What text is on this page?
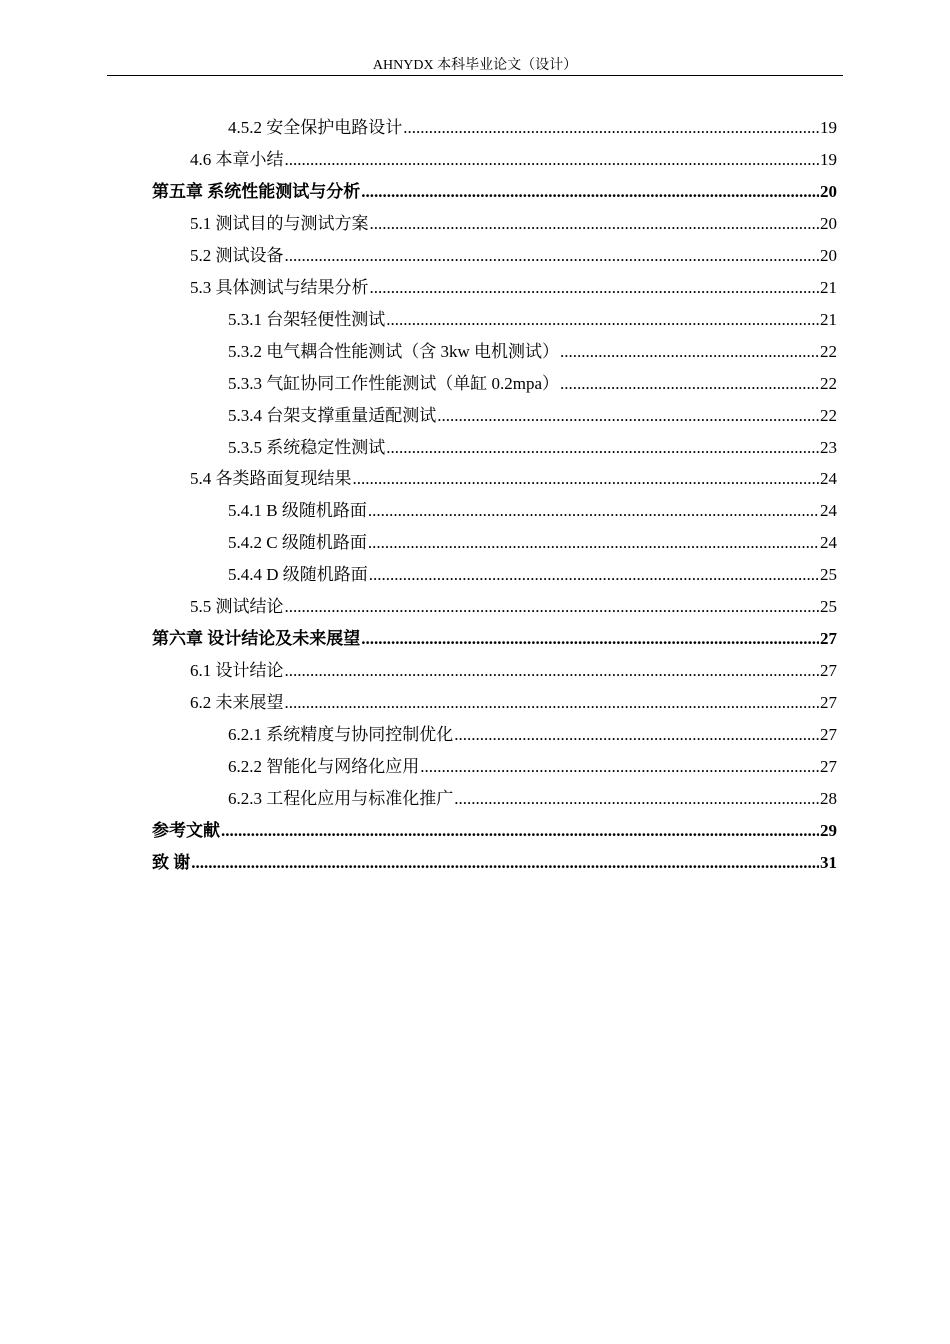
AHNYDX 本科毕业论文（设计）
4.5.2 安全保护电路设计 .....	19
4.6 本章小结 .....	19
第五章 系统性能测试与分析 .....	20
5.1 测试目的与测试方案 .....	20
5.2 测试设备 .....	20
5.3 具体测试与结果分析 .....	21
5.3.1 台架轻便性测试 .....	21
5.3.2 电气耦合性能测试（含 3kw 电机测试） .....	22
5.3.3 气缸协同工作性能测试（单缸 0.2mpa） .....	22
5.3.4 台架支撑重量适配测试 .....	22
5.3.5 系统稳定性测试 .....	23
5.4 各类路面复现结果 .....	24
5.4.1 B 级随机路面 .....	24
5.4.2 C 级随机路面 .....	24
5.4.4 D 级随机路面 .....	25
5.5 测试结论 .....	25
第六章 设计结论及未来展望 .....	27
6.1 设计结论 .....	27
6.2 未来展望 .....	27
6.2.1 系统精度与协同控制优化 .....	27
6.2.2 智能化与网络化应用 .....	27
6.2.3 工程化应用与标准化推广 .....	28
参考文献 .....	29
致 谢 .....	31
